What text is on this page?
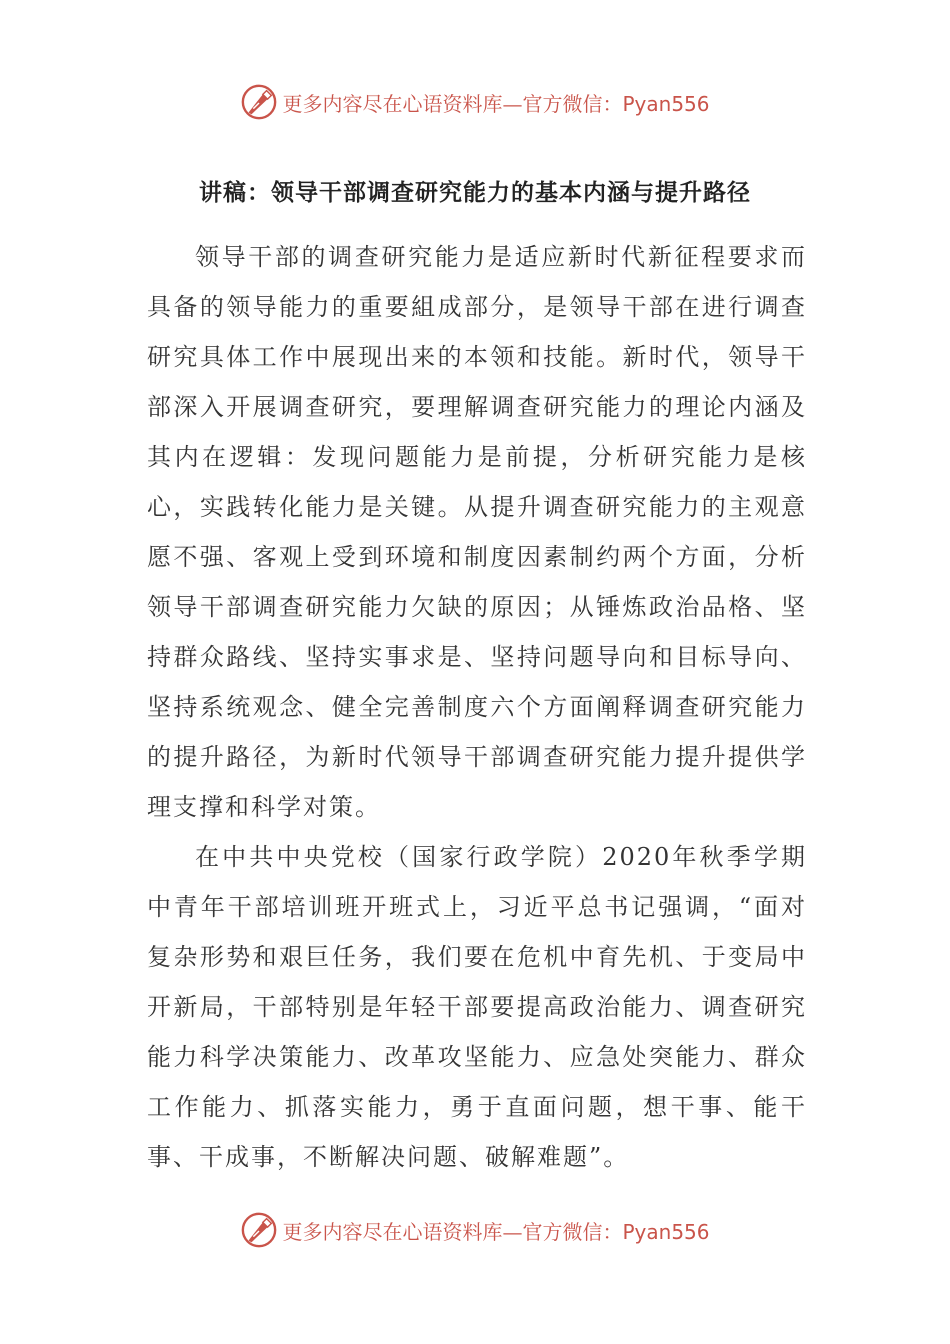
更多内容尽在心语资料库—官方微信：Pyan556
讲稿：领导干部调查研究能力的基本内涵与提升路径

领导干部的调查研究能力是适应新时代新征程要求而具备的领导能力的重要組成部分，是领导干部在进行调查研究具体工作中展现出来的本领和技能。新时代，领导干部深入开展调查研究，要理解调查研究能力的理论内涵及其内在逻辑：发现问题能力是前提，分析研究能力是核心，实践转化能力是关键。从提升调查研究能力的主观意愿不强、客观上受到环境和制度因素制约两个方面，分析领导干部调查研究能力欠缺的原因；从锤炼政治品格、坚持群众路线、坚持实事求是、坚持问题导向和目标导向、坚持系统观念、健全完善制度六个方面阐释调查研究能力的提升路径，为新时代领导干部调查研究能力提升提供学理支撑和科学对策。

在中共中央党校（国家行政学院）2020年秋季学期中青年干部培训班开班式上，习近平总书记强调，“面对复杂形势和艰巨任务，我们要在危机中育先机、于变局中开新局，干部特别是年轻干部要提高政治能力、调查研究能力科学决策能力、改革攻坚能力、应急处突能力、群众工作能力、抓落实能力，勇于直面问题，想干事、能干事、干成事，不断解决问题、破解难题”。

更多内容尽在心语资料库—官方微信：Pyan556
